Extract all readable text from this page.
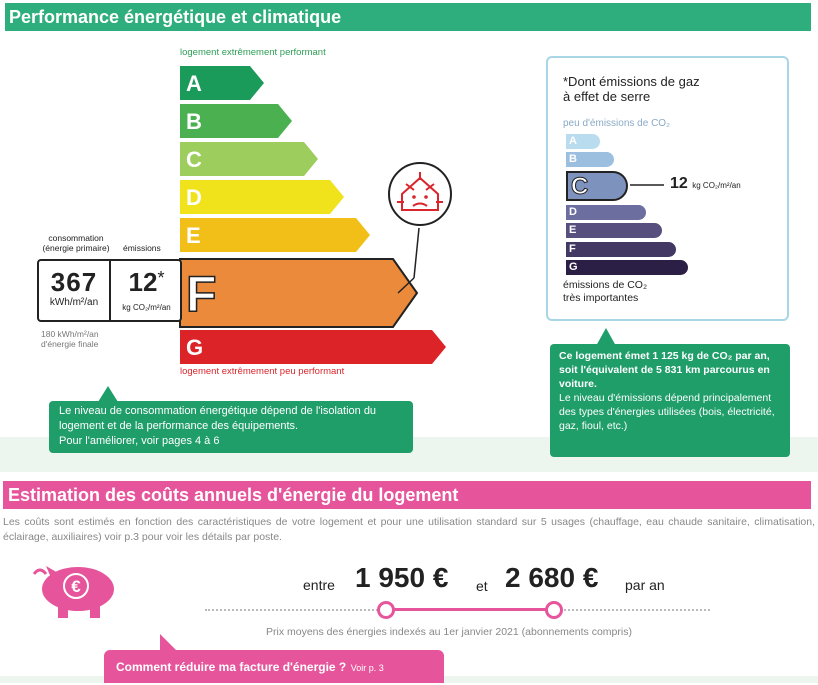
Performance énergétique et climatique
logement extrêmement performant
A
B
C
D
E
F
G
consommation
(énergie primaire)	émissions
367
kWh/m²/an
12*
kg CO₂/m²/an
180 kWh/m²/an
d'énergie finale
logement extrêmement peu performant
*Dont émissions de gaz
à effet de serre
peu d'émissions de CO₂
A
B
C
D
E
F
G
12 kg CO₂/m²/an
émissions de CO₂
très importantes
Le niveau de consommation énergétique dépend de l'isolation du logement et de la performance des équipements.
Pour l'améliorer, voir pages 4 à 6
Ce logement émet 1 125 kg de CO₂ par an, soit l'équivalent de 5 831 km parcourus en voiture.
Le niveau d'émissions dépend principalement des types d'énergies utilisées (bois, électricité, gaz, fioul, etc.)
Estimation des coûts annuels d'énergie du logement
Les coûts sont estimés en fonction des caractéristiques de votre logement et pour une utilisation standard sur 5 usages (chauffage, eau chaude sanitaire, climatisation, éclairage, auxiliaires) voir p.3 pour voir les détails par poste.
€	entre 1 950 € et 2 680 € par an
Prix moyens des énergies indexés au 1er janvier 2021 (abonnements compris)
Comment réduire ma facture d'énergie ? Voir p. 3
